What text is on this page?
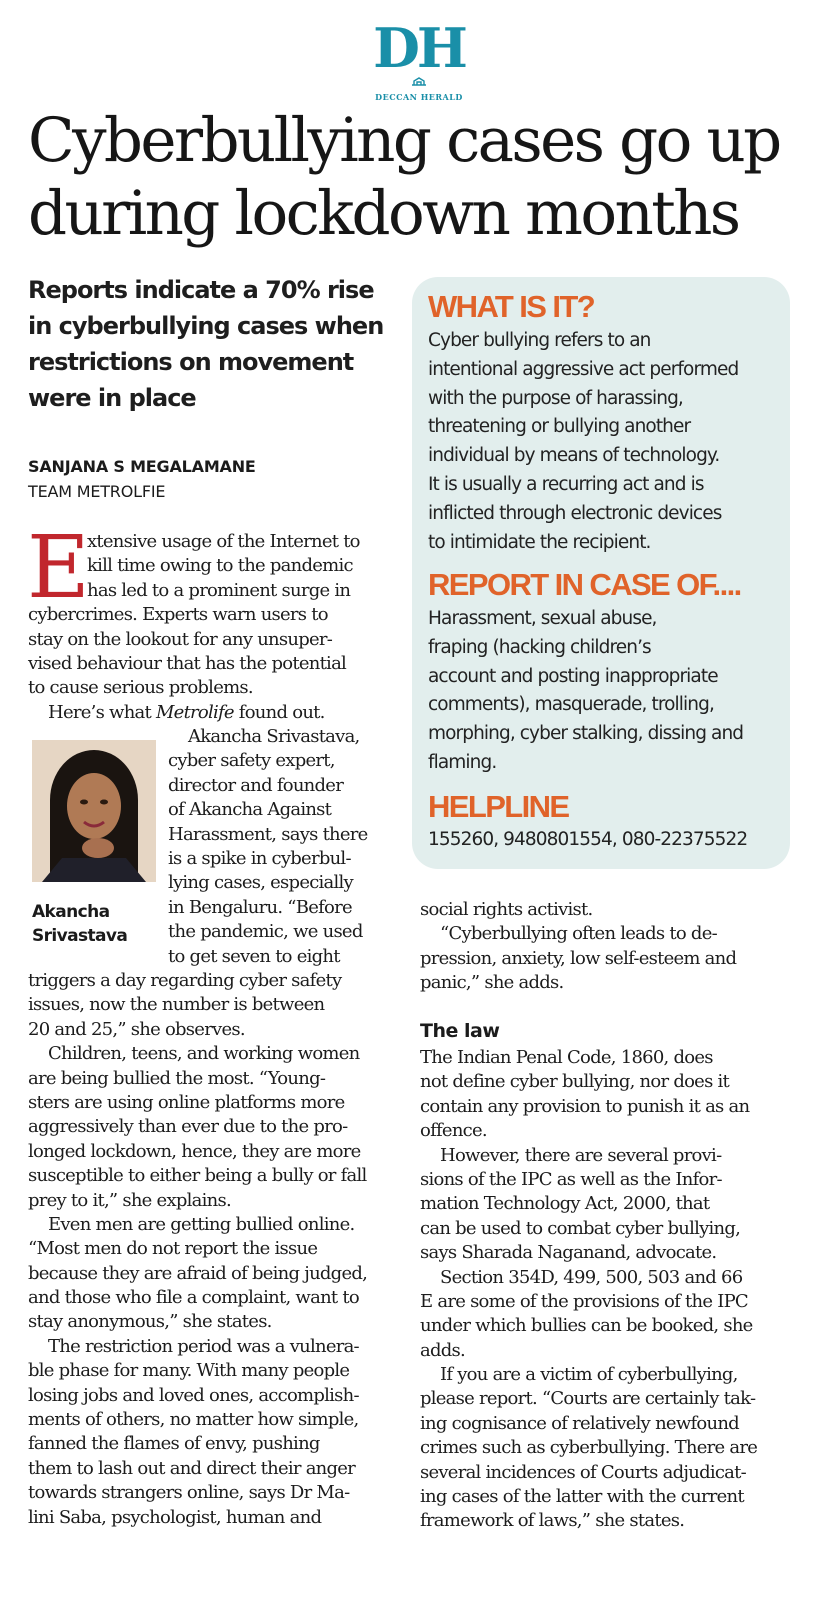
DH
DECCAN HERALD
Cyberbullying cases go up
during lockdown months
Reports indicate a 70% rise
in cyberbullying cases when
restrictions on movement
were in place
SANJANA S MEGALAMANE
TEAM METROLFIE
E
xtensive usage of the Internet to
kill time owing to the pandemic
has led to a prominent surge in
cybercrimes. Experts warn users to
stay on the lookout for any unsuper-
vised behaviour that has the potential
to cause serious problems.
Here’s what Metrolife found out.
Akancha
Srivastava
Akancha Srivastava,
cyber safety expert,
director and founder
of Akancha Against
Harassment, says there
is a spike in cyberbul-
lying cases, especially
in Bengaluru. “Before
the pandemic, we used
to get seven to eight
triggers a day regarding cyber safety
issues, now the number is between
20 and 25,” she observes.
Children, teens, and working women
are being bullied the most. “Young-
sters are using online platforms more
aggressively than ever due to the pro-
longed lockdown, hence, they are more
susceptible to either being a bully or fall
prey to it,” she explains.
Even men are getting bullied online.
“Most men do not report the issue
because they are afraid of being judged,
and those who file a complaint, want to
stay anonymous,” she states.
The restriction period was a vulnera-
ble phase for many. With many people
losing jobs and loved ones, accomplish-
ments of others, no matter how simple,
fanned the flames of envy, pushing
them to lash out and direct their anger
towards strangers online, says Dr Ma-
lini Saba, psychologist, human and
WHAT IS IT?
Cyber bullying refers to an
intentional aggressive act performed
with the purpose of harassing,
threatening or bullying another
individual by means of technology.
It is usually a recurring act and is
inflicted through electronic devices
to intimidate the recipient.
REPORT IN CASE OF....
Harassment, sexual abuse,
fraping (hacking children’s
account and posting inappropriate
comments), masquerade, trolling,
morphing, cyber stalking, dissing and
flaming.
HELPLINE
155260, 9480801554, 080-22375522
social rights activist.
“Cyberbullying often leads to de-
pression, anxiety, low self-esteem and
panic,” she adds.
The law
The Indian Penal Code, 1860, does
not define cyber bullying, nor does it
contain any provision to punish it as an
offence.
However, there are several provi-
sions of the IPC as well as the Infor-
mation Technology Act, 2000, that
can be used to combat cyber bullying,
says Sharada Naganand, advocate.
Section 354D, 499, 500, 503 and 66
E are some of the provisions of the IPC
under which bullies can be booked, she
adds.
If you are a victim of cyberbullying,
please report. “Courts are certainly tak-
ing cognisance of relatively newfound
crimes such as cyberbullying. There are
several incidences of Courts adjudicat-
ing cases of the latter with the current
framework of laws,” she states.
